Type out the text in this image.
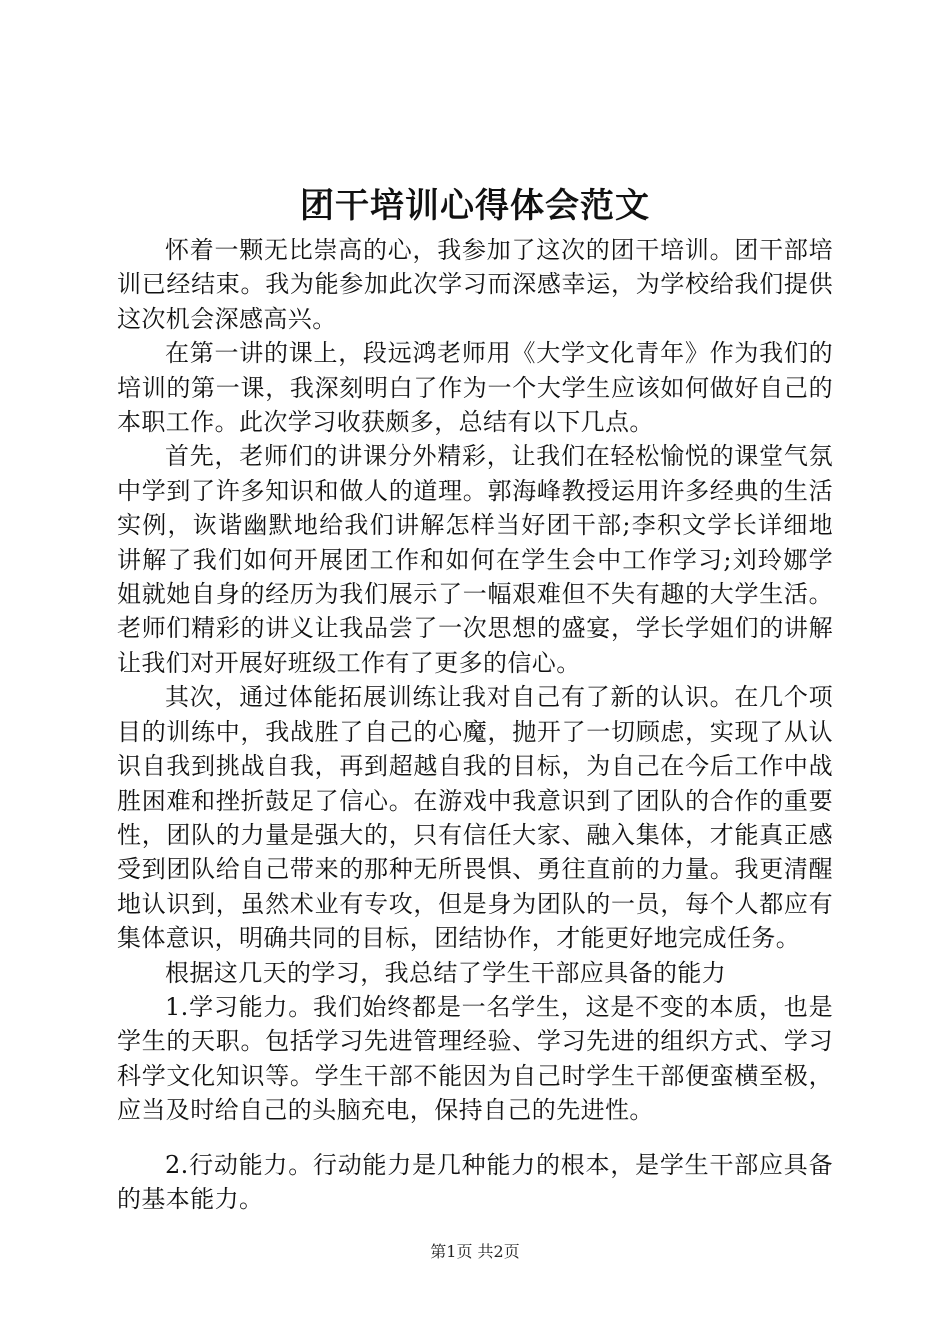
团干培训心得体会范文

怀着一颗无比崇高的心，我参加了这次的团干培训。团干部培训已经结束。我为能参加此次学习而深感幸运，为学校给我们提供这次机会深感高兴。

在第一讲的课上，段远鸿老师用《大学文化青年》作为我们的培训的第一课，我深刻明白了作为一个大学生应该如何做好自己的本职工作。此次学习收获颇多，总结有以下几点。

首先，老师们的讲课分外精彩，让我们在轻松愉悦的课堂气氛中学到了许多知识和做人的道理。郭海峰教授运用许多经典的生活实例，诙谐幽默地给我们讲解怎样当好团干部;李积文学长详细地讲解了我们如何开展团工作和如何在学生会中工作学习;刘玲娜学姐就她自身的经历为我们展示了一幅艰难但不失有趣的大学生活。老师们精彩的讲义让我品尝了一次思想的盛宴，学长学姐们的讲解让我们对开展好班级工作有了更多的信心。

其次，通过体能拓展训练让我对自己有了新的认识。在几个项目的训练中，我战胜了自己的心魔，抛开了一切顾虑，实现了从认识自我到挑战自我，再到超越自我的目标，为自己在今后工作中战胜困难和挫折鼓足了信心。在游戏中我意识到了团队的合作的重要性，团队的力量是强大的，只有信任大家、融入集体，才能真正感受到团队给自己带来的那种无所畏惧、勇往直前的力量。我更清醒地认识到，虽然术业有专攻，但是身为团队的一员，每个人都应有集体意识，明确共同的目标，团结协作，才能更好地完成任务。

根据这几天的学习，我总结了学生干部应具备的能力

1.学习能力。我们始终都是一名学生，这是不变的本质，也是学生的天职。包括学习先进管理经验、学习先进的组织方式、学习科学文化知识等。学生干部不能因为自己时学生干部便蛮横至极，应当及时给自己的头脑充电，保持自己的先进性。

2.行动能力。行动能力是几种能力的根本，是学生干部应具备的基本能力。

第1页 共2页
